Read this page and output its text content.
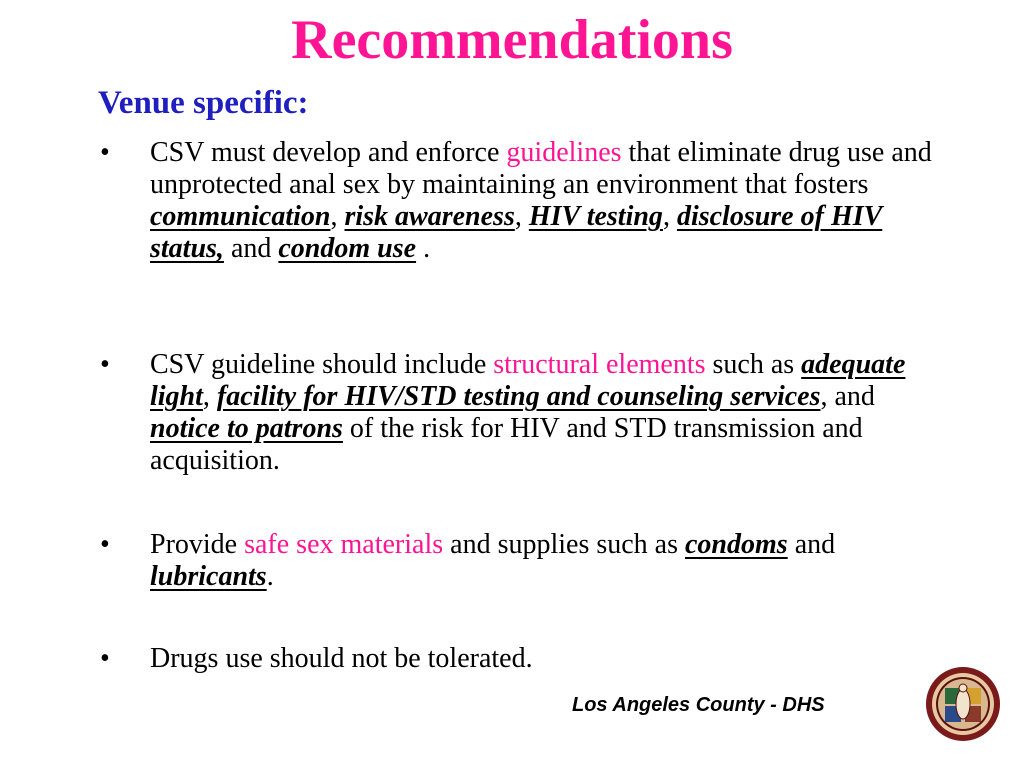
Recommendations
Venue specific:
• CSV must develop and enforce guidelines that eliminate drug use and unprotected anal sex by maintaining an environment that fosters communication, risk awareness, HIV testing, disclosure of HIV status, and condom use .
• CSV guideline should include structural elements such as adequate light, facility for HIV/STD testing and counseling services, and notice to patrons of the risk for HIV and STD transmission and acquisition.
• Provide safe sex materials and supplies such as condoms and lubricants.
• Drugs use should not be tolerated.
Los Angeles County - DHS
